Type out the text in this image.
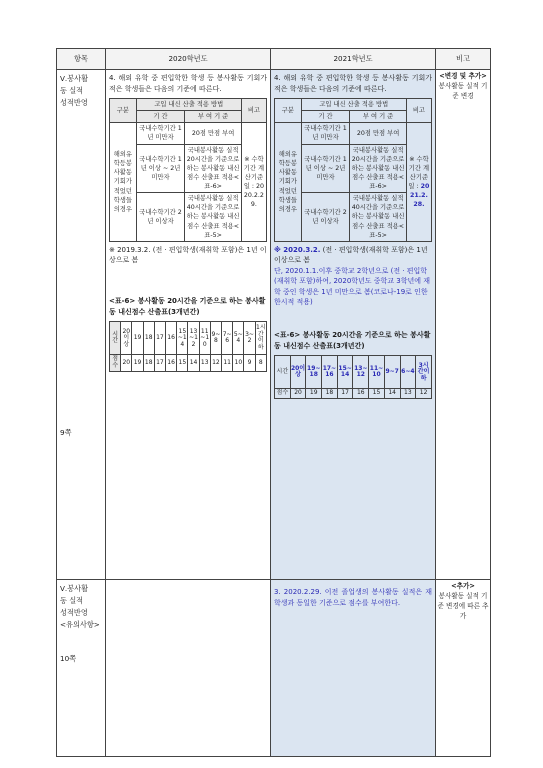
항목	2020학년도	2021학년도	비고

Ⅴ.봉사활
동 실적
성적반영
9쪽

4. 해외 유학 중 편입학한 학생 등 봉사활동 기회가 적은 학생들은 다음의 기준에 따른다.
구분	고입 내신 산출 적용 방법	비고
기 간	부 여 기 준
해외유학등봉사활동기회가적었던학생들의경우	국내수학기간 1년 미만자	20점 만점 부여	※ 수학기간 계산기준일 : 2020.2.29.
국내수학기간 1년 이상 ~ 2년 미만자	국내봉사활동 실적 20시간을 기준으로 하는 봉사활동 내신점수 산출표 적용<표-6>
국내수학기간 2년 이상자	국내봉사활동 실적 40시간을 기준으로 하는 봉사활동 내신점수 산출표 적용<표-5>
※ 2019.3.2. (전 · 편입학생(재취학 포함)은 1년 이상으로 봄
<표-6> 봉사활동 20시간을 기준으로 하는 봉사활동 내신점수 산출표(3개년간)
시간	20이상	19	18	17	16	15~14	13~12	11~10	9~8	7~6	5~4	3~2	1시간이하
점수	20	19	18	17	16	15	14	13	12	11	10	9	8

4. 해외 유학 중 편입학한 학생 등 봉사활동 기회가 적은 학생들은 다음의 기준에 따른다.
구분	고입 내신 산출 적용 방법	비고
기 간	부 여 기 준
해외유학등봉사활동기회가적었던학생들의경우	국내수학기간 1년 미만자	20점 만점 부여	※ 수학기간 계산기준일 : 2021.2.28.
국내수학기간 1년 이상 ~ 2년 미만자	국내봉사활동 실적 20시간을 기준으로 하는 봉사활동 내신점수 산출표 적용<표-6>
국내수학기간 2년 이상자	국내봉사활동 실적 40시간을 기준으로 하는 봉사활동 내신점수 산출표 적용<표-5>
※ 2020.3.2. (전 · 편입학생(재취학 포함)은 1년 이상으로 봄
단, 2020.1.1.이후 중학교 2학년으로 (전 · 편입학(재취학 포함)하여, 2020학년도 중학교 3학년에 재학 중인 학생은 1년 미만으로 봄(코로나-19로 인한 한시적 적용)
<표-6> 봉사활동 20시간을 기준으로 하는 봉사활동 내신점수 산출표(3개년간)
시간	20이상	19~18	17~16	15~14	13~12	11~10	9~7	6~4	3시간이하
점수	20	19	18	17	16	15	14	13	12

<변경 및 추가>
봉사활동 실적 기준 변경

Ⅴ.봉사활
동 실적
성적반영
<유의사항>
10쪽

3. 2020.2.29. 이전 졸업생의 봉사활동 실적은 재학생과 동일한 기준으로 점수를 부여한다.

<추가>
봉사활동 실적 기준 변경에 따른 추가
